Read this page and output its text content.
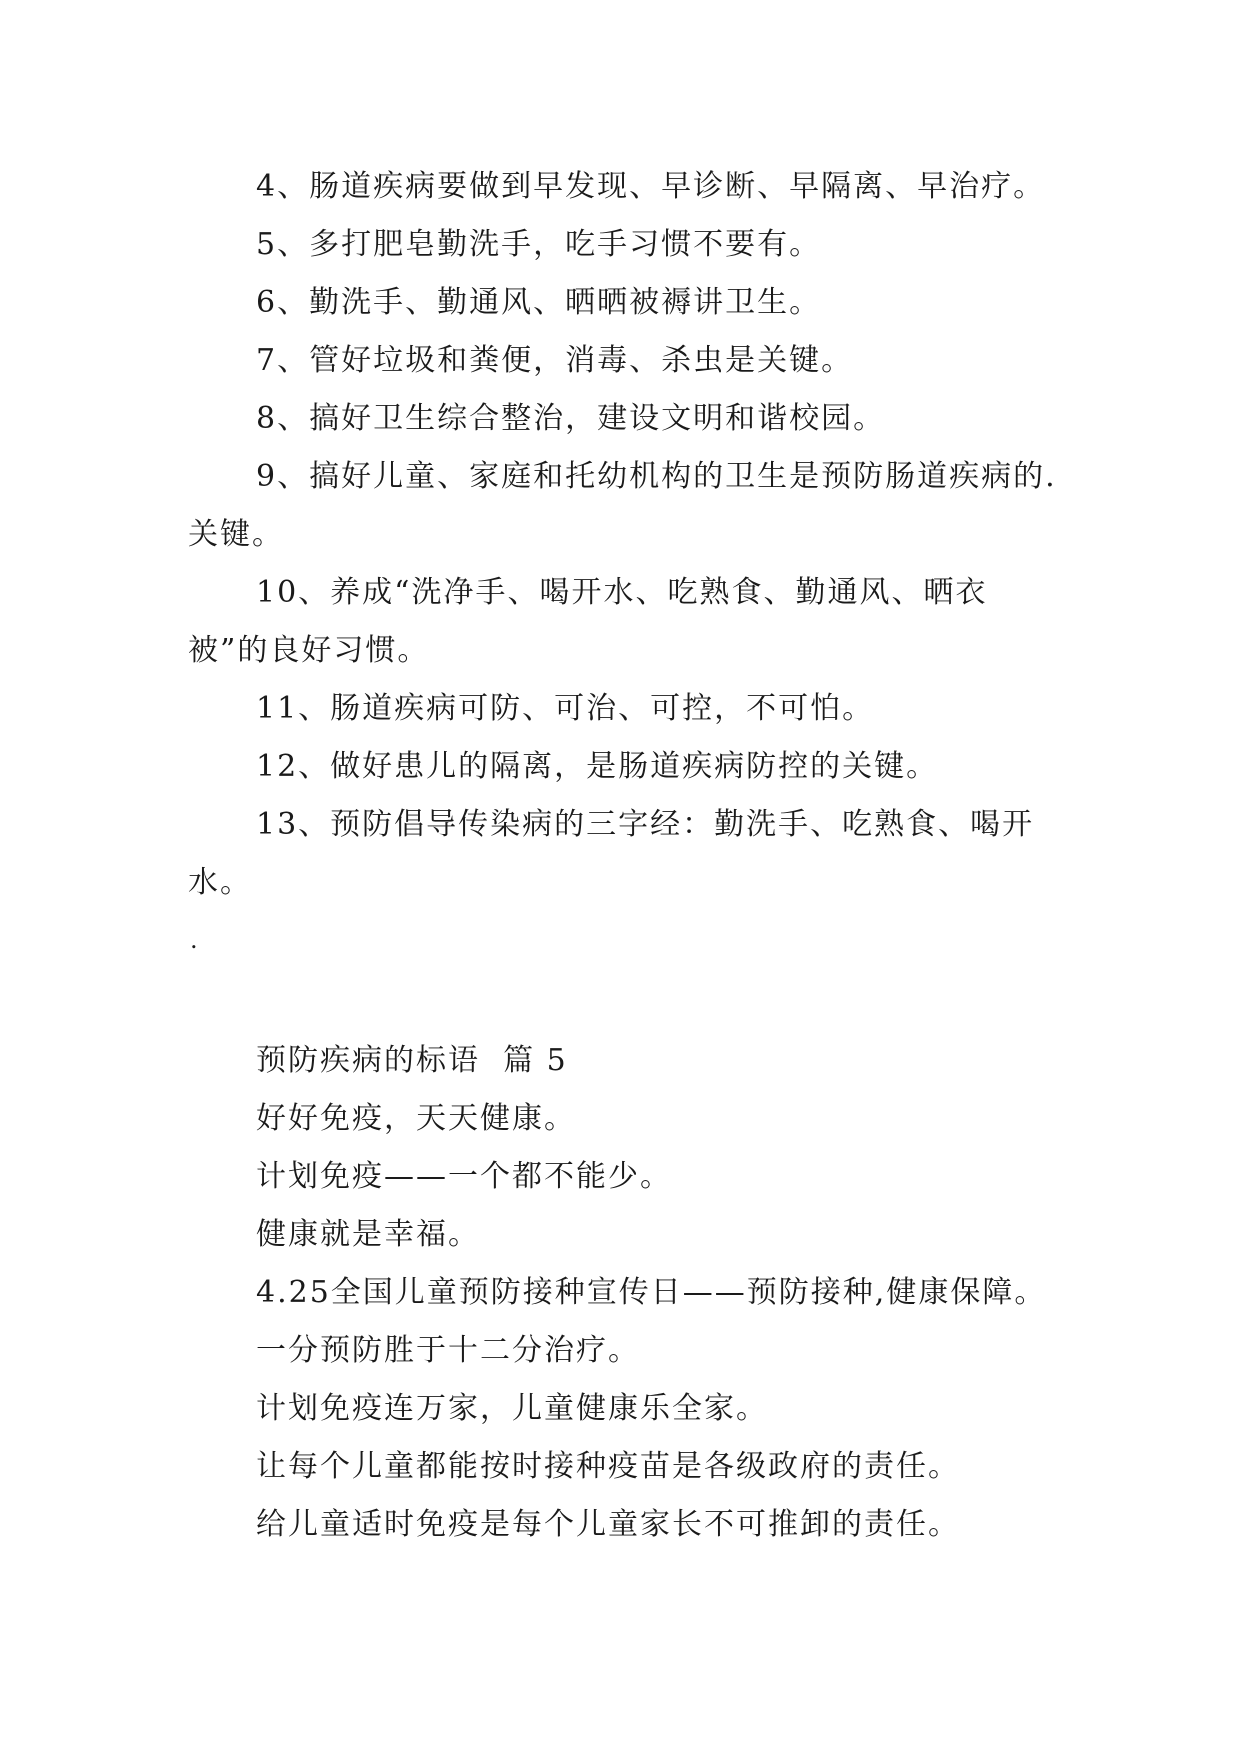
4、肠道疾病要做到早发现、早诊断、早隔离、早治疗。

5、多打肥皂勤洗手，吃手习惯不要有。

6、勤洗手、勤通风、晒晒被褥讲卫生。

7、管好垃圾和粪便，消毒、杀虫是关键。

8、搞好卫生综合整治，建设文明和谐校园。

9、搞好儿童、家庭和托幼机构的卫生是预防肠道疾病的.关键。

10、养成“洗净手、喝开水、吃熟食、勤通风、晒衣被”的良好习惯。

11、肠道疾病可防、可治、可控，不可怕。

12、做好患儿的隔离，是肠道疾病防控的关键。

13、预防倡导传染病的三字经：勤洗手、吃熟食、喝开水。

.

预防疾病的标语  篇 5

好好免疫，天天健康。

计划免疫——一个都不能少。

健康就是幸福。

4.25全国儿童预防接种宣传日——预防接种,健康保障。

一分预防胜于十二分治疗。

计划免疫连万家，儿童健康乐全家。

让每个儿童都能按时接种疫苗是各级政府的责任。

给儿童适时免疫是每个儿童家长不可推卸的责任。
